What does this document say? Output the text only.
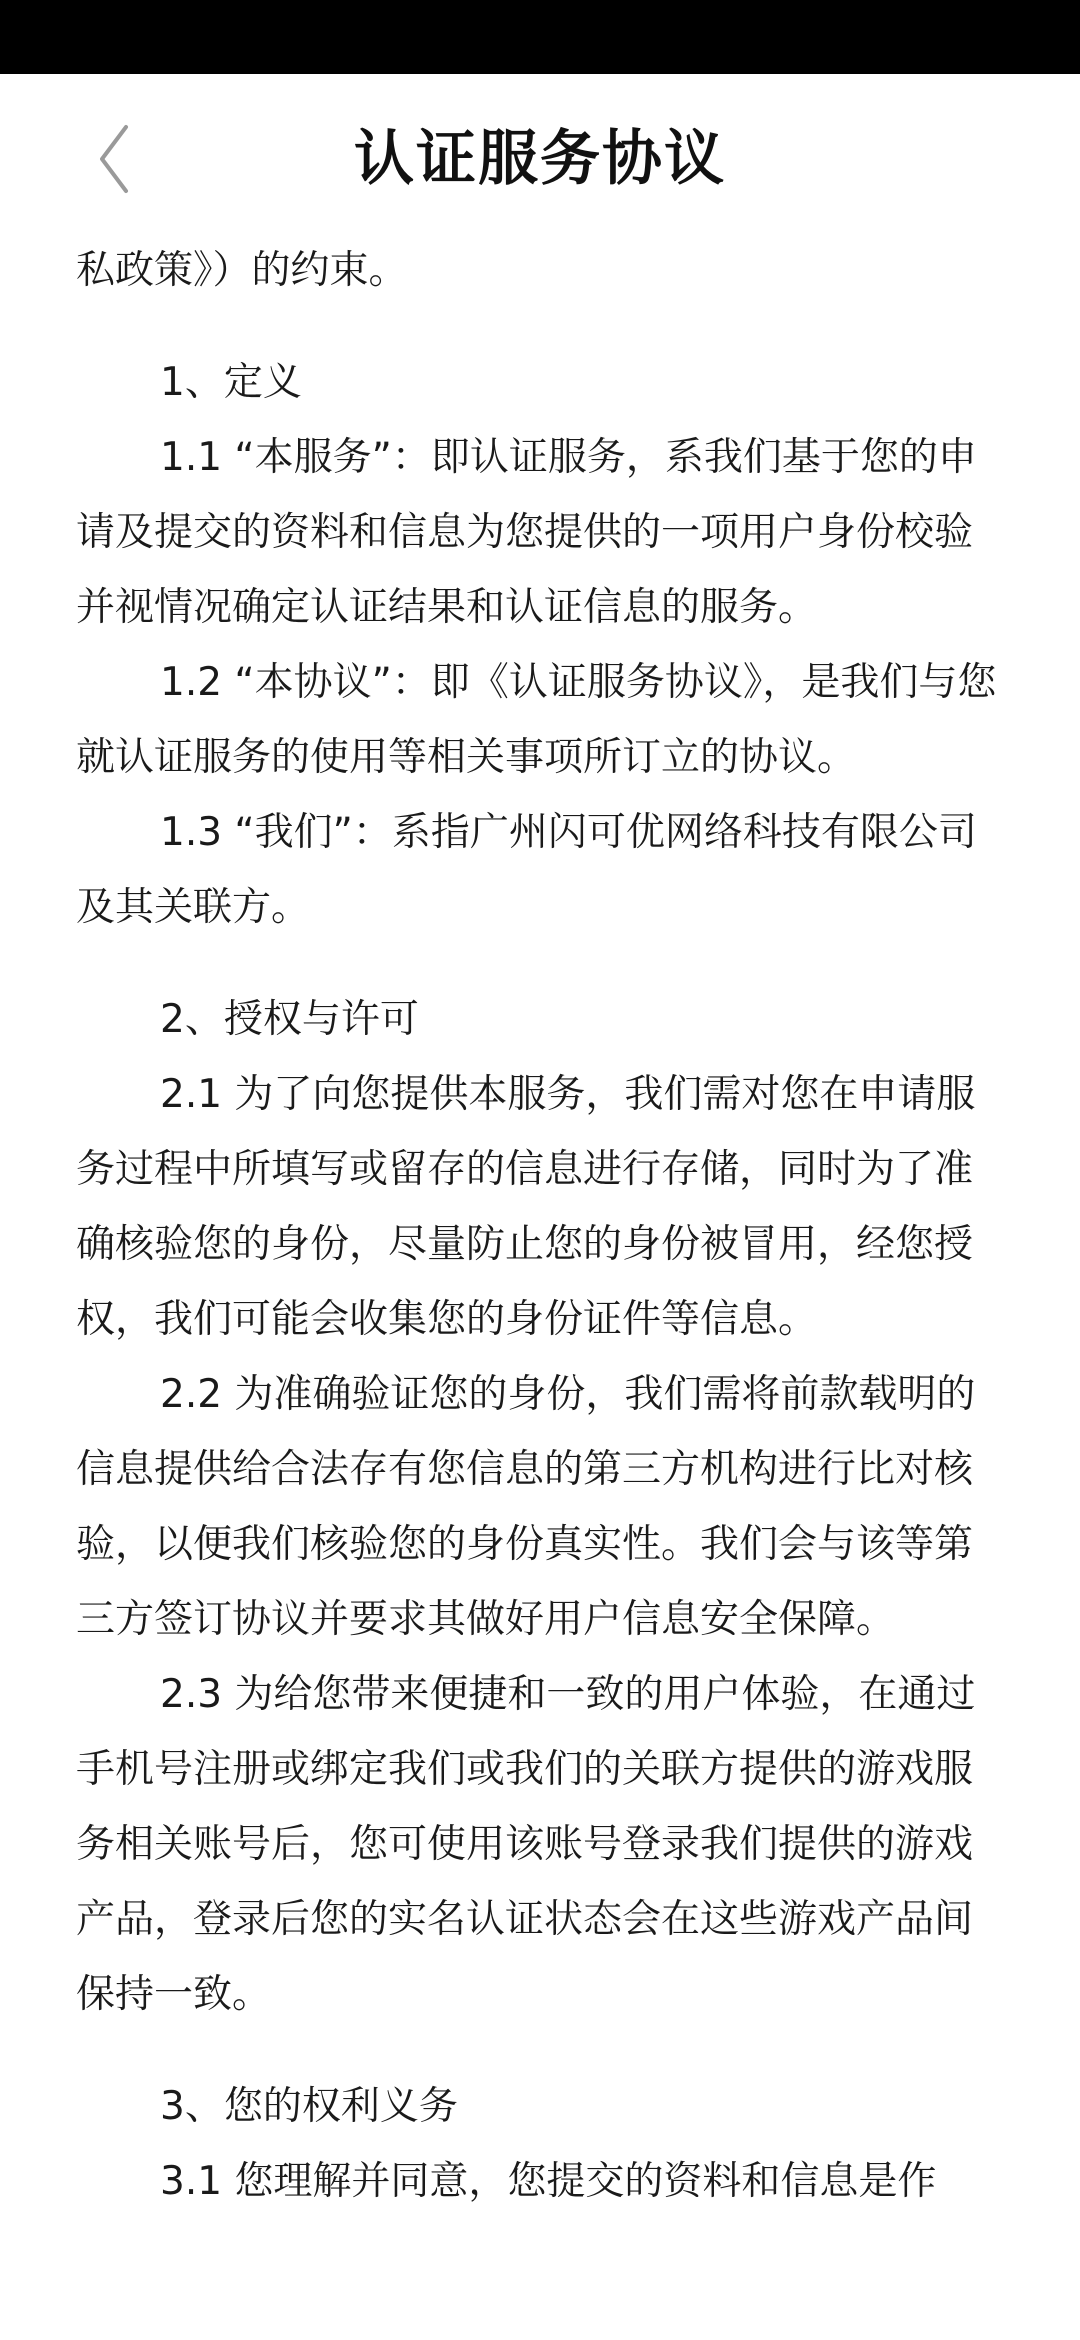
认证服务协议

私政策》）的约束。

1、定义

1.1 “本服务”：即认证服务，系我们基于您的申请及提交的资料和信息为您提供的一项用户身份校验并视情况确定认证结果和认证信息的服务。

1.2 “本协议”：即《认证服务协议》，是我们与您就认证服务的使用等相关事项所订立的协议。

1.3 “我们”：系指广州闪可优网络科技有限公司及其关联方。

2、授权与许可

2.1 为了向您提供本服务，我们需对您在申请服务过程中所填写或留存的信息进行存储，同时为了准确核验您的身份，尽量防止您的身份被冒用，经您授权，我们可能会收集您的身份证件等信息。

2.2 为准确验证您的身份，我们需将前款载明的信息提供给合法存有您信息的第三方机构进行比对核验，以便我们核验您的身份真实性。我们会与该等第三方签订协议并要求其做好用户信息安全保障。

2.3 为给您带来便捷和一致的用户体验，在通过手机号注册或绑定我们或我们的关联方提供的游戏服务相关账号后，您可使用该账号登录我们提供的游戏产品，登录后您的实名认证状态会在这些游戏产品间保持一致。

3、您的权利义务

3.1 您理解并同意，您提交的资料和信息是作
